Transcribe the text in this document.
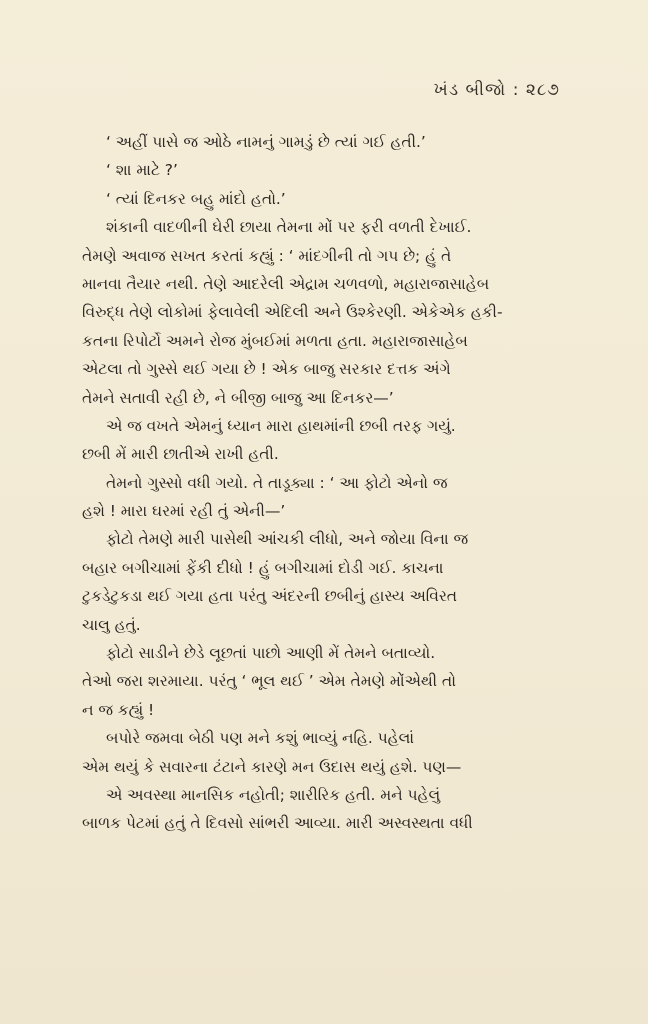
ખંડ બીજો : ૨૮૭
‘ અહીં પાસે જ ઓઠે નામનું ગામડું છે ત્યાં ગઈ હતી.’
‘ શા માટે ?’
‘ ત્યાં દિનકર બહુ માંદો હતો.’
શંકાની વાદળીની ઘેરી છાયા તેમના મોં પર ફરી વળતી દેખાઈ.
તેમણે અવાજ સખત કરતાં કહ્યું : ‘ માંદગીની તો ગપ છે; હું તે
માનવા તૈયાર નથી. તેણે આદરેલી એદ્રામ ચળવળો, મહારાજાસાહેબ
વિરુદ્ધ તેણે લોકોમાં ફેલાવેલી એદિલી અને ઉશ્કેરણી. એકેએક હકી-
કતના રિપોર્ટો અમને રોજ મુંબઈમાં મળતા હતા. મહારાજાસાહેબ
એટલા તો ગુસ્સે થઈ ગયા છે ! એક બાજુ સરકાર દત્તક અંગે
તેમને સતાવી રહી છે, ને બીજી બાજુ આ દિનકર—’
એ જ વખતે એમનું ધ્યાન મારા હાથમાંની છબી તરફ ગયું.
છબી મેં મારી છાતીએ રાખી હતી.
તેમનો ગુસ્સો વધી ગયો. તે તાડૂક્યા : ‘ આ ફોટો એનો જ
હશે ! મારા ઘરમાં રહી તું એની—’
ફોટો તેમણે મારી પાસેથી આંચકી લીધો, અને જોયા વિના જ
બહાર બગીચામાં ફેંકી દીધો ! હું બગીચામાં દોડી ગઈ. કાચના
ટુકડેટુકડા થઈ ગયા હતા પરંતુ અંદરની છબીનું હાસ્ય અવિરત
ચાલુ હતું.
ફોટો સાડીને છેડે લૂછતાં પાછો આણી મેં તેમને બતાવ્યો.
તેઓ જરા શરમાયા. પરંતુ ‘ ભૂલ થઈ ’ એમ તેમણે મોંએથી તો
ન જ કહ્યું !
બપોરે જમવા બેઠી પણ મને કશું ભાવ્યું નહિ. પહેલાં
એમ થયું કે સવારના ટંટાને કારણે મન ઉદાસ થયું હશે. પણ—
એ અવસ્થા માનસિક નહોતી; શારીરિક હતી. મને પહેલું
બાળક પેટમાં હતું તે દિવસો સાંભરી આવ્યા. મારી અસ્વસ્થતા વધી
